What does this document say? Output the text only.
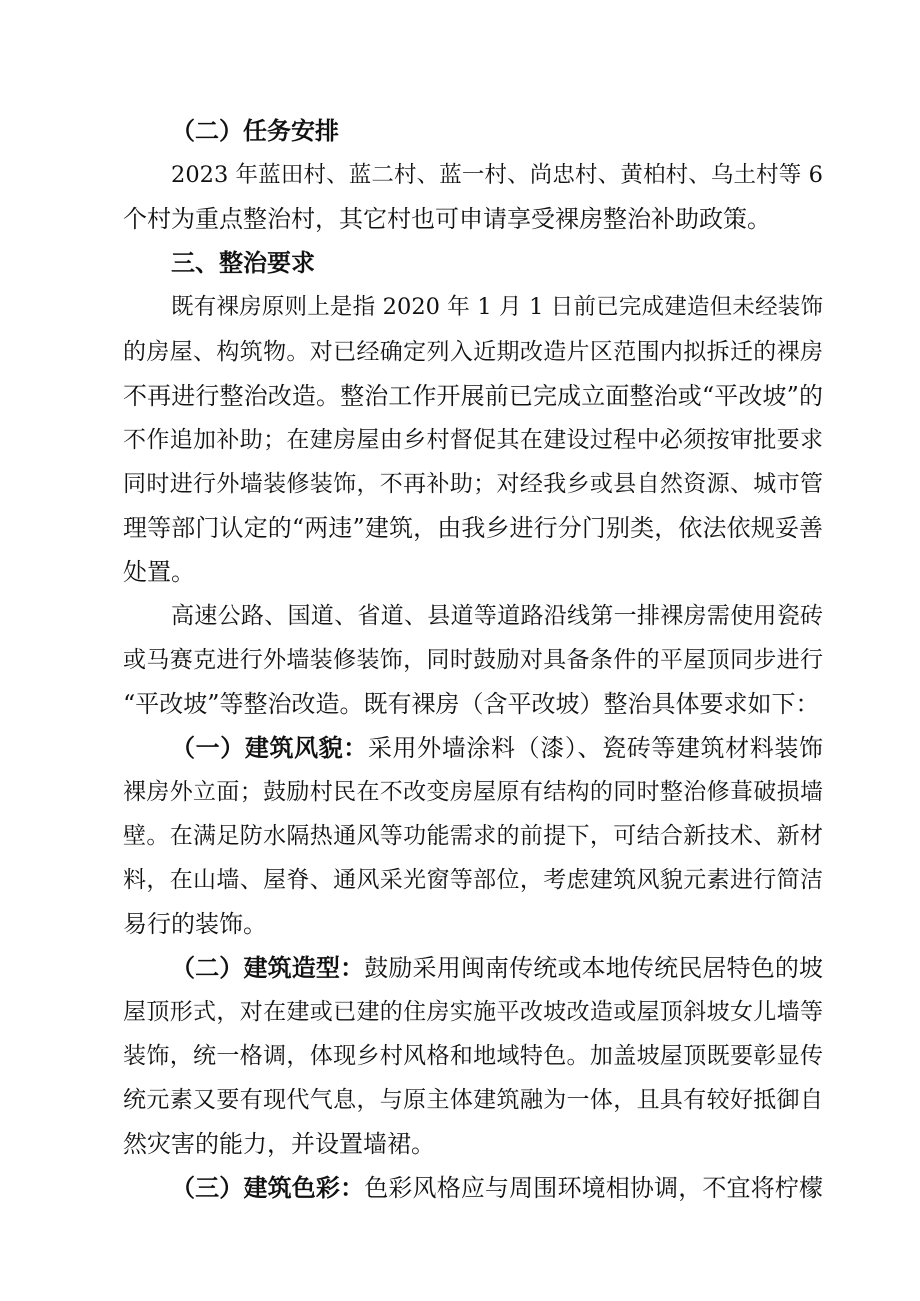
（二）任务安排
2023 年蓝田村、蓝二村、蓝一村、尚忠村、黄柏村、乌土村等 6
个村为重点整治村，其它村也可申请享受裸房整治补助政策。
三、整治要求
既有裸房原则上是指 2020 年 1 月 1 日前已完成建造但未经装饰
的房屋、构筑物。对已经确定列入近期改造片区范围内拟拆迁的裸房
不再进行整治改造。整治工作开展前已完成立面整治或“平改坡”的
不作追加补助；在建房屋由乡村督促其在建设过程中必须按审批要求
同时进行外墙装修装饰，不再补助；对经我乡或县自然资源、城市管
理等部门认定的“两违”建筑，由我乡进行分门别类，依法依规妥善
处置。
高速公路、国道、省道、县道等道路沿线第一排裸房需使用瓷砖
或马赛克进行外墙装修装饰，同时鼓励对具备条件的平屋顶同步进行
“平改坡”等整治改造。既有裸房（含平改坡）整治具体要求如下：
（一）建筑风貌：采用外墙涂料（漆）、瓷砖等建筑材料装饰
裸房外立面；鼓励村民在不改变房屋原有结构的同时整治修葺破损墙
壁。在满足防水隔热通风等功能需求的前提下，可结合新技术、新材
料，在山墙、屋脊、通风采光窗等部位，考虑建筑风貌元素进行简洁
易行的装饰。
（二）建筑造型：鼓励采用闽南传统或本地传统民居特色的坡
屋顶形式，对在建或已建的住房实施平改坡改造或屋顶斜坡女儿墙等
装饰，统一格调，体现乡村风格和地域特色。加盖坡屋顶既要彰显传
统元素又要有现代气息，与原主体建筑融为一体，且具有较好抵御自
然灾害的能力，并设置墙裙。
（三）建筑色彩：色彩风格应与周围环境相协调，不宜将柠檬
